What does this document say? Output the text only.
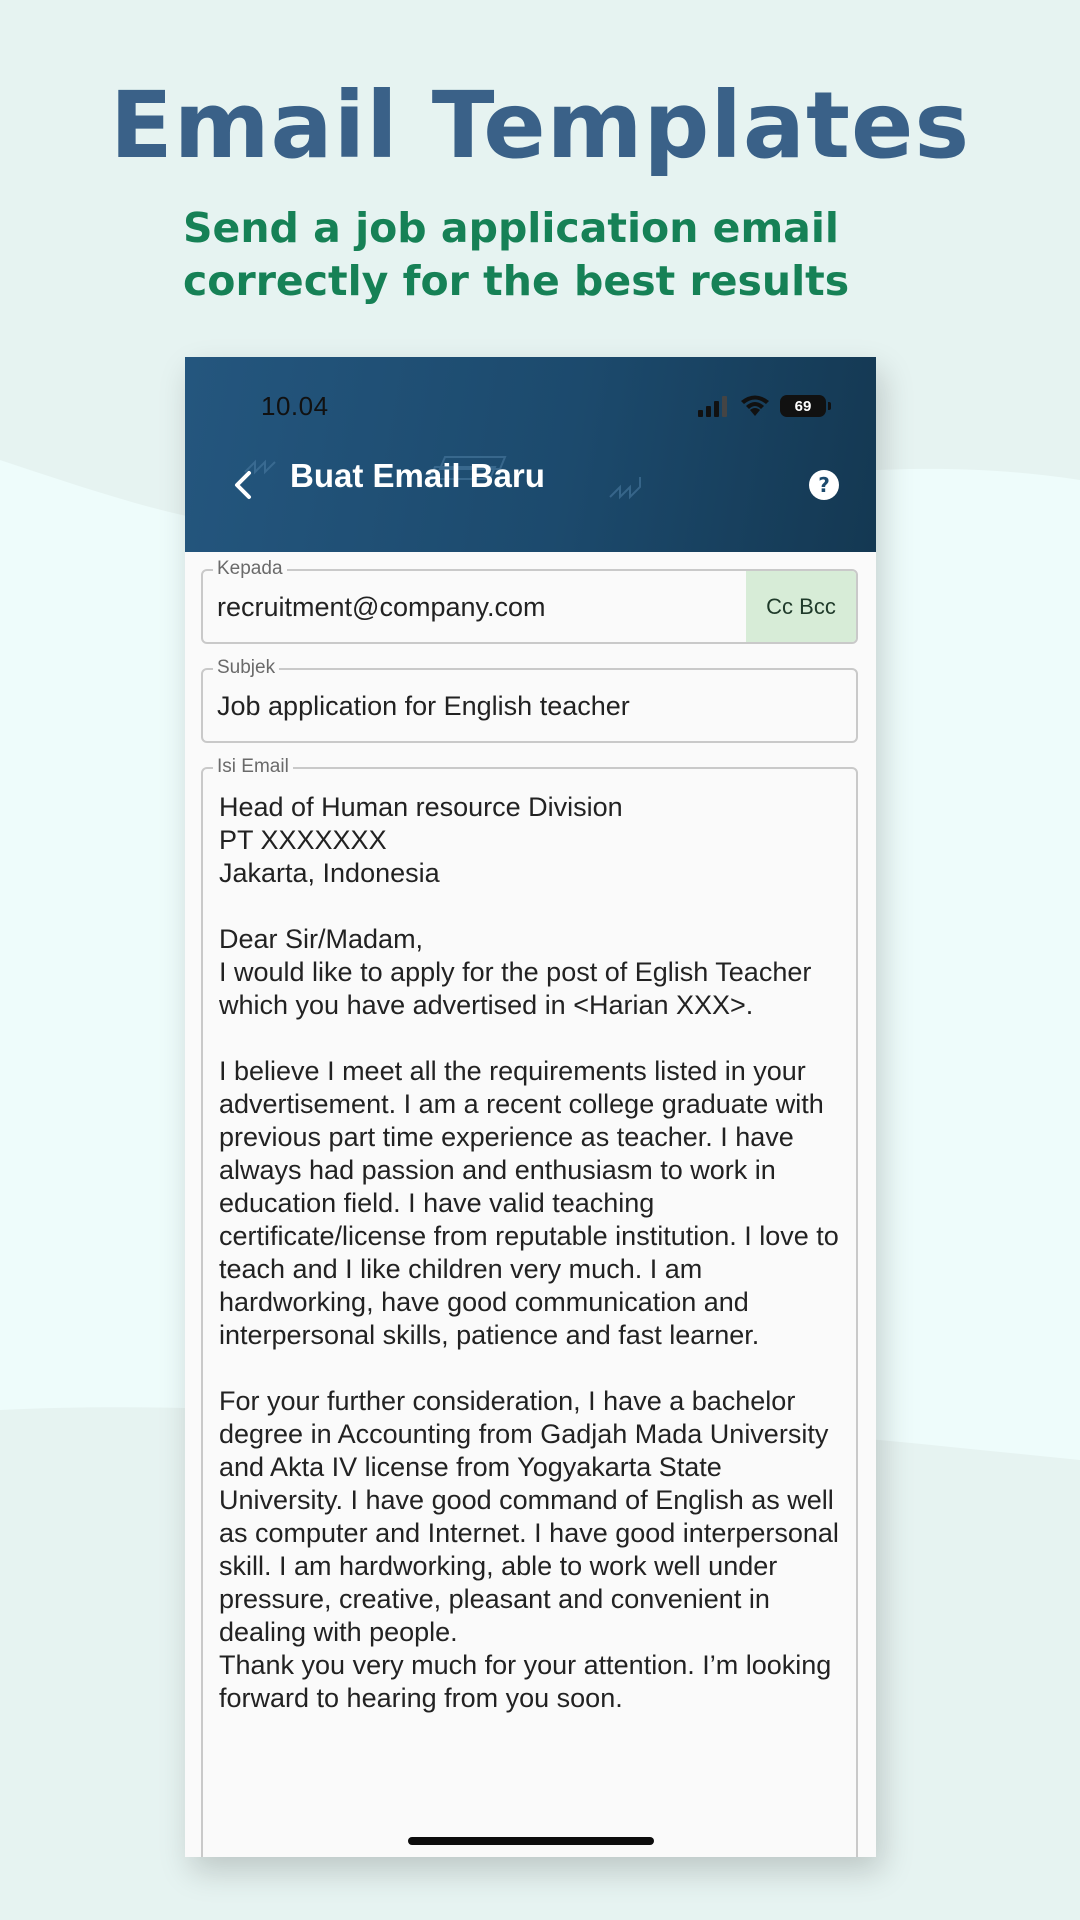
Email Templates

Send a job application email correctly for the best results

10.04	69
Buat Email Baru	?
Kepada
recruitment@company.com	Cc Bcc
Subjek
Job application for English teacher
Isi Email

Head of Human resource Division
PT XXXXXXX
Jakarta, Indonesia

Dear Sir/Madam,
I would like to apply for the post of Eglish Teacher which you have advertised in <Harian XXX>.

I believe I meet all the requirements listed in your advertisement. I am a recent college graduate with previous part time experience as teacher. I have always had passion and enthusiasm to work in education field. I have valid teaching certificate/license from reputable institution. I love to teach and I like children very much. I am hardworking, have good communication and interpersonal skills, patience and fast learner.

For your further consideration, I have a bachelor degree in Accounting from Gadjah Mada University and Akta IV license from Yogyakarta State University. I have good command of English as well as computer and Internet. I have good interpersonal skill. I am hardworking, able to work well under pressure, creative, pleasant and convenient in dealing with people.
Thank you very much for your attention. I’m looking forward to hearing from you soon.
